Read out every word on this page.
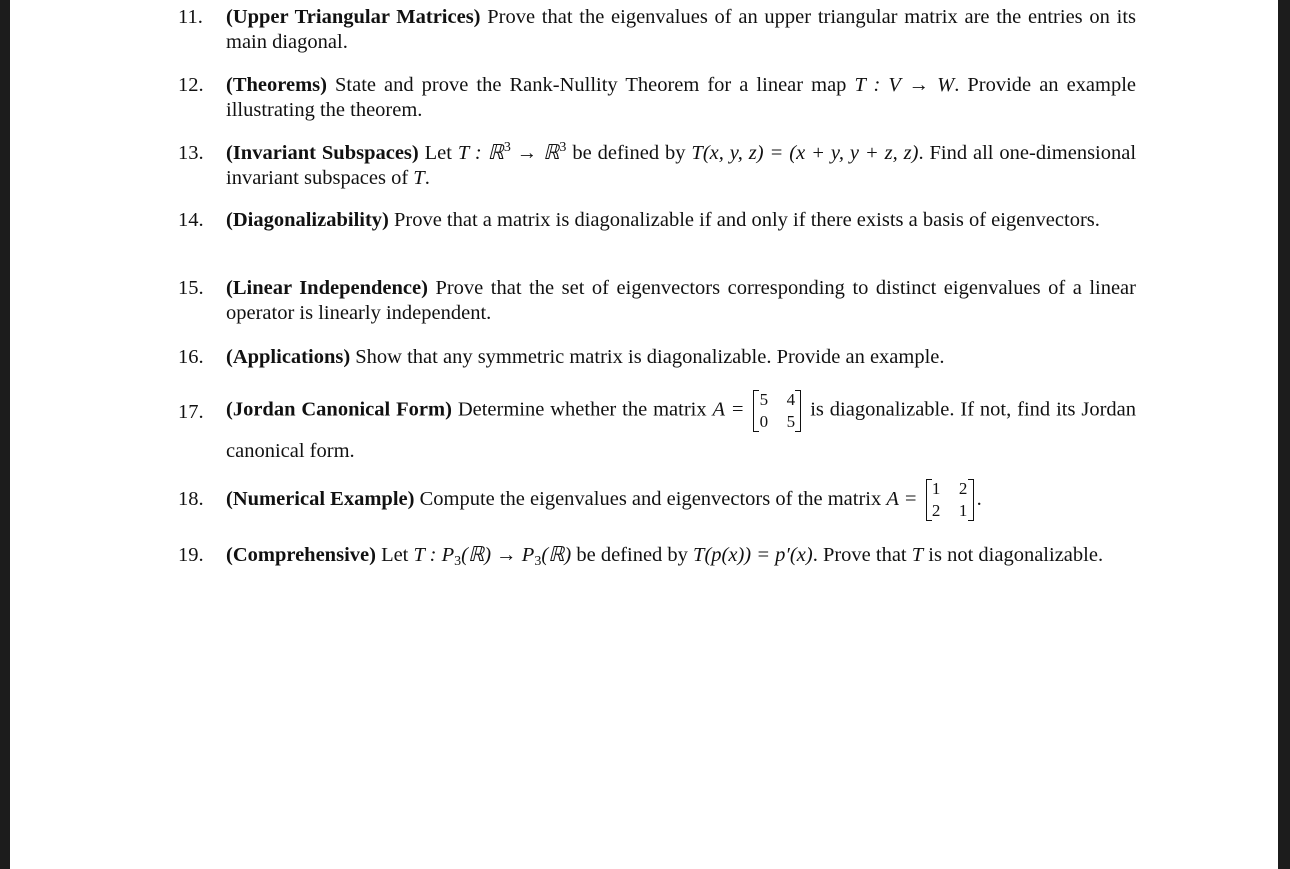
11.	(Upper Triangular Matrices) Prove that the eigenvalues of an upper triangular matrix are the entries on its main diagonal.
12.	(Theorems) State and prove the Rank-Nullity Theorem for a linear map T : V → W. Provide an example illustrating the theorem.
13.	(Invariant Subspaces) Let T : ℝ$^3$ → ℝ$^3$ be defined by T(x, y, z) = (x + y, y + z, z). Find all one-dimensional invariant subspaces of T.
14.	(Diagonalizability) Prove that a matrix is diagonalizable if and only if there exists a basis of eigenvectors.
15.	(Linear Independence) Prove that the set of eigenvectors corresponding to distinct eigenvalues of a linear operator is linearly independent.
16.	(Applications) Show that any symmetric matrix is diagonalizable. Provide an example.
17.	(Jordan Canonical Form) Determine whether the matrix A = 5 4
0 5
is diagonalizable. If not, find its Jordan canonical form.
18.	(Numerical Example) Compute the eigenvalues and eigenvectors of the matrix A = 1 2
2 1
.
19.	(Comprehensive) Let T : $P_3(ℝ)$ → $P_3(ℝ)$ be defined by T(p(x)) = p′(x). Prove that T is not diagonalizable.
